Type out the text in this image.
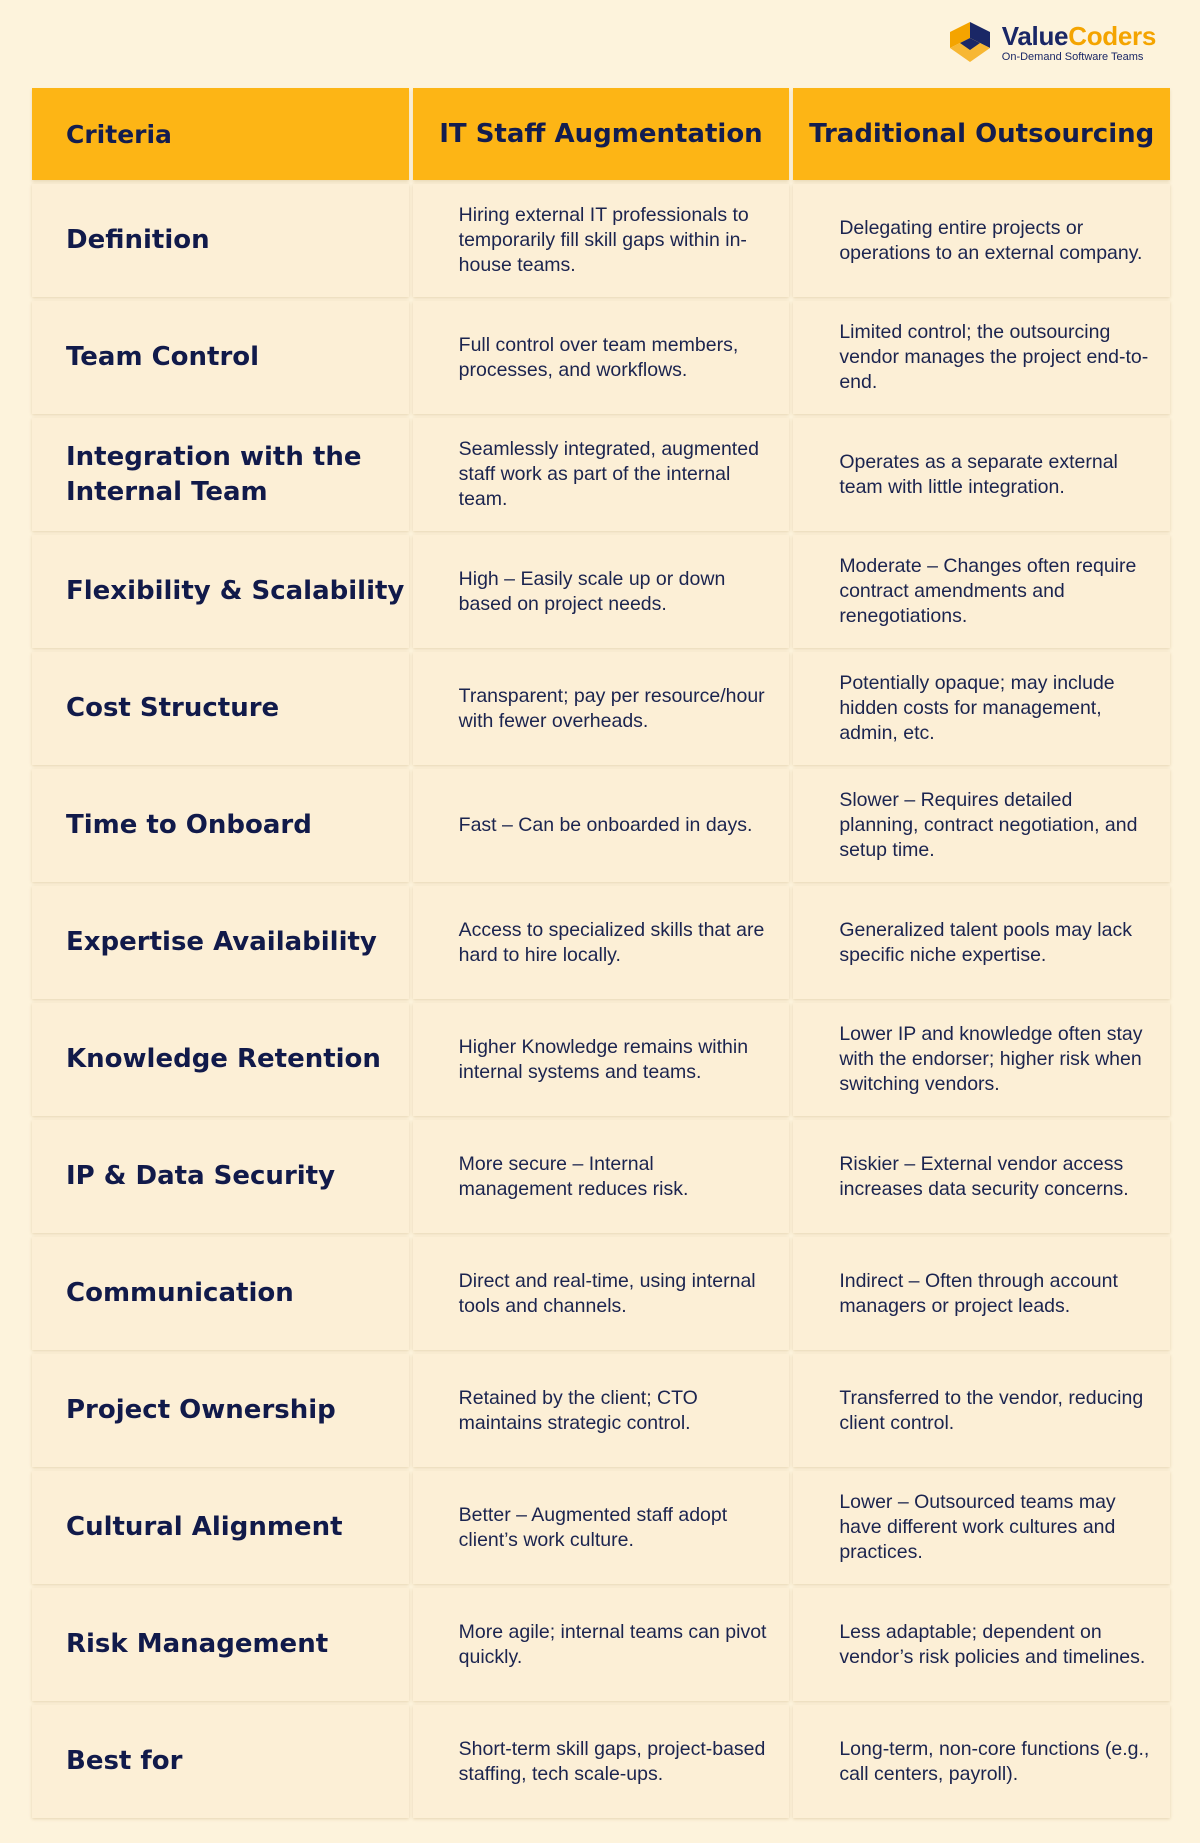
ValueCoders
On-Demand Software Teams
Criteria	IT Staff Augmentation	Traditional Outsourcing
Definition	Hiring external IT professionals to temporarily fill skill gaps within in-house teams.	Delegating entire projects or operations to an external company.
Team Control	Full control over team members, processes, and workflows.	Limited control; the outsourcing vendor manages the project end-to-end.
Integration with the Internal Team	Seamlessly integrated, augmented staff work as part of the internal team.	Operates as a separate external team with little integration.
Flexibility & Scalability	High – Easily scale up or down based on project needs.	Moderate – Changes often require contract amendments and renegotiations.
Cost Structure	Transparent; pay per resource/hour with fewer overheads.	Potentially opaque; may include hidden costs for management, admin, etc.
Time to Onboard	Fast – Can be onboarded in days.	Slower – Requires detailed planning, contract negotiation, and setup time.
Expertise Availability	Access to specialized skills that are hard to hire locally.	Generalized talent pools may lack specific niche expertise.
Knowledge Retention	Higher Knowledge remains within internal systems and teams.	Lower IP and knowledge often stay with the endorser; higher risk when switching vendors.
IP & Data Security	More secure – Internal management reduces risk.	Riskier – External vendor access increases data security concerns.
Communication	Direct and real-time, using internal tools and channels.	Indirect – Often through account managers or project leads.
Project Ownership	Retained by the client; CTO maintains strategic control.	Transferred to the vendor, reducing client control.
Cultural Alignment	Better – Augmented staff adopt client’s work culture.	Lower – Outsourced teams may have different work cultures and practices.
Risk Management	More agile; internal teams can pivot quickly.	Less adaptable; dependent on vendor’s risk policies and timelines.
Best for	Short-term skill gaps, project-based staffing, tech scale-ups.	Long-term, non-core functions (e.g., call centers, payroll).
